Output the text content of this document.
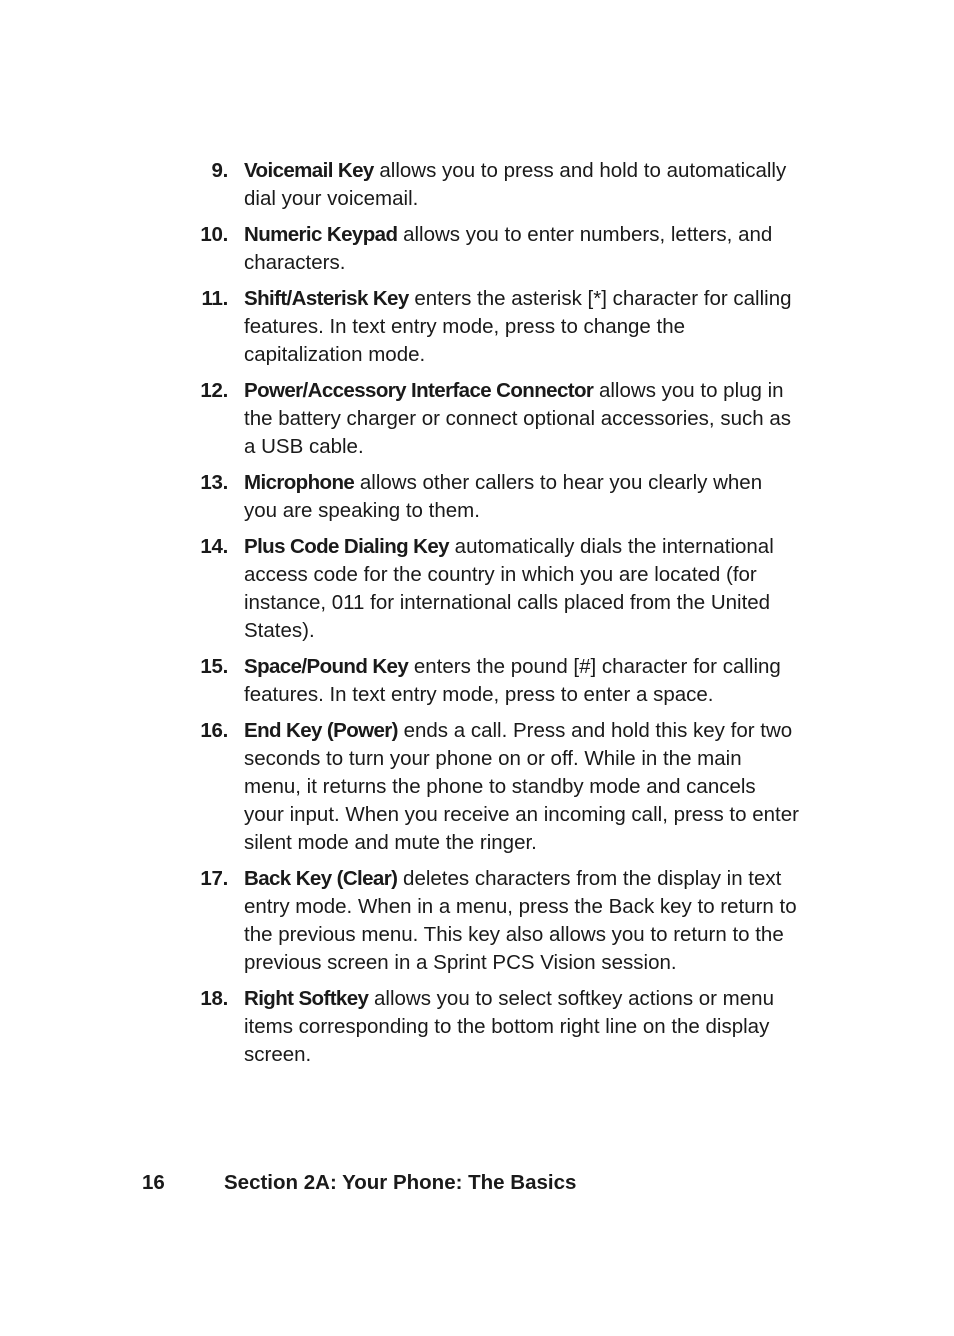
9. Voicemail Key allows you to press and hold to automatically dial your voicemail.
10. Numeric Keypad allows you to enter numbers, letters, and characters.
11. Shift/Asterisk Key enters the asterisk [*] character for calling features. In text entry mode, press to change the capitalization mode.
12. Power/Accessory Interface Connector allows you to plug in the battery charger or connect optional accessories, such as a USB cable.
13. Microphone allows other callers to hear you clearly when you are speaking to them.
14. Plus Code Dialing Key automatically dials the international access code for the country in which you are located (for instance, 011 for international calls placed from the United States).
15. Space/Pound Key enters the pound [#] character for calling features. In text entry mode, press to enter a space.
16. End Key (Power) ends a call. Press and hold this key for two seconds to turn your phone on or off. While in the main menu, it returns the phone to standby mode and cancels your input. When you receive an incoming call, press to enter silent mode and mute the ringer.
17. Back Key (Clear) deletes characters from the display in text entry mode. When in a menu, press the Back key to return to the previous menu. This key also allows you to return to the previous screen in a Sprint PCS Vision session.
18. Right Softkey allows you to select softkey actions or menu items corresponding to the bottom right line on the display screen.
16	Section 2A: Your Phone: The Basics
